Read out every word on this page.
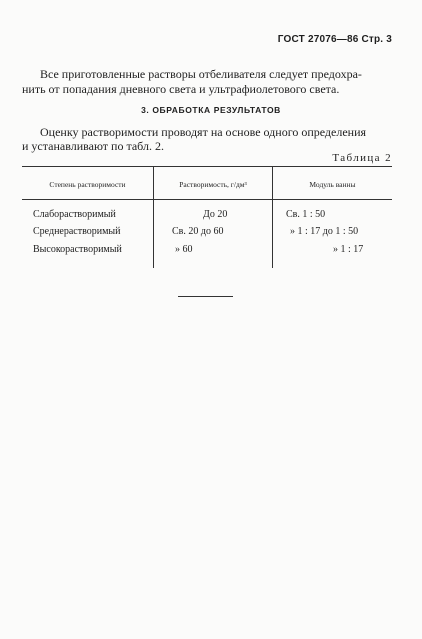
ГОСТ 27076—86 Стр. 3
Все приготовленные растворы отбеливателя следует предохра-
нить от попадания дневного света и ультрафиолетового света.
3. ОБРАБОТКА РЕЗУЛЬТАТОВ
Оценку растворимости проводят на основе одного определения
и устанавливают по табл. 2.
Таблица 2
Степень растворимости	Растворимость, г/дм³	Модуль ванны
Слаборастворимый	До 20	Св. 1 : 50
Среднерастворимый	Св. 20 до 60	» 1 : 17 до 1 : 50
Высокорастворимый	» 60	» 1 : 17
